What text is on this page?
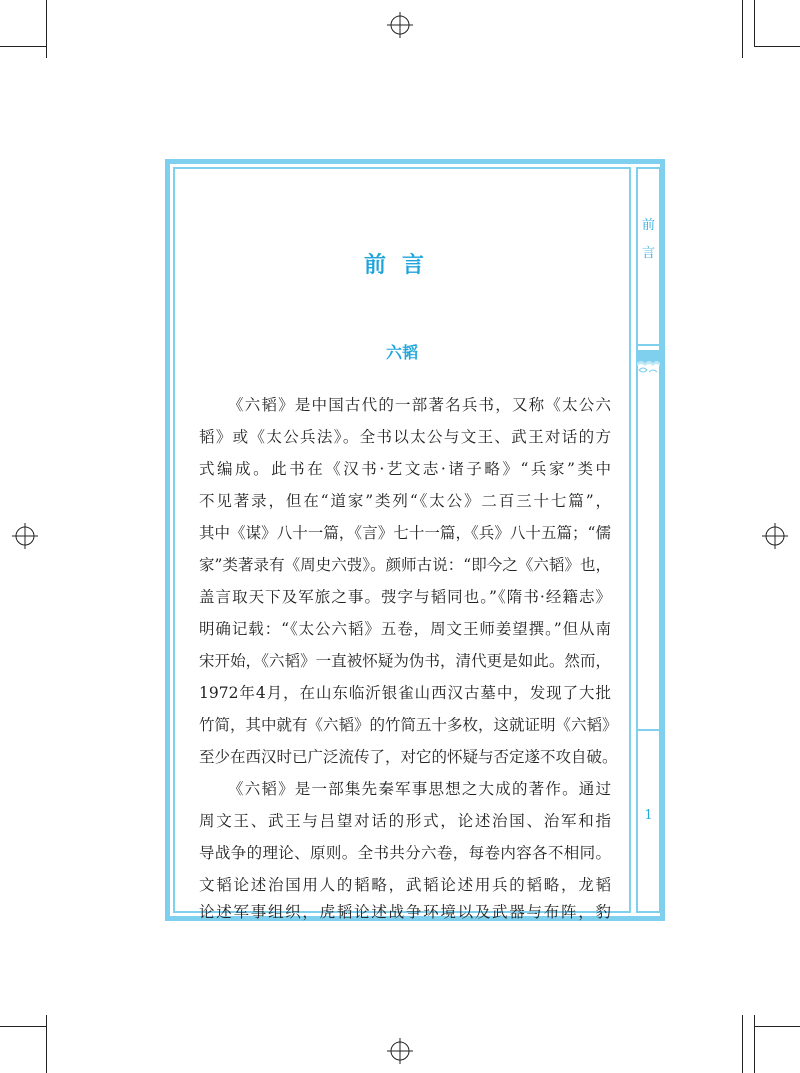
前
言
1
前言
六韬
《六韬》是中国古代的一部著名兵书，又称《太公六
韬》或《太公兵法》。全书以太公与文王、武王对话的方
式编成。此书在《汉书·艺文志·诸子略》“兵家”类中
不见著录，但在“道家”类列“《太公》二百三十七篇”，
其中《谋》八十一篇，《言》七十一篇，《兵》八十五篇；“儒
家”类著录有《周史六弢》。颜师古说：“即今之《六韬》也，
盖言取天下及军旅之事。弢字与韬同也。”《隋书·经籍志》
明确记载：“《太公六韬》五卷，周文王师姜望撰。”但从南
宋开始，《六韬》一直被怀疑为伪书，清代更是如此。然而，
1972年4月，在山东临沂银雀山西汉古墓中，发现了大批
竹简，其中就有《六韬》的竹简五十多枚，这就证明《六韬》
至少在西汉时已广泛流传了，对它的怀疑与否定遂不攻自破。
《六韬》是一部集先秦军事思想之大成的著作。通过
周文王、武王与吕望对话的形式，论述治国、治军和指
导战争的理论、原则。全书共分六卷，每卷内容各不相同。
文韬论述治国用人的韬略，武韬论述用兵的韬略，龙韬
